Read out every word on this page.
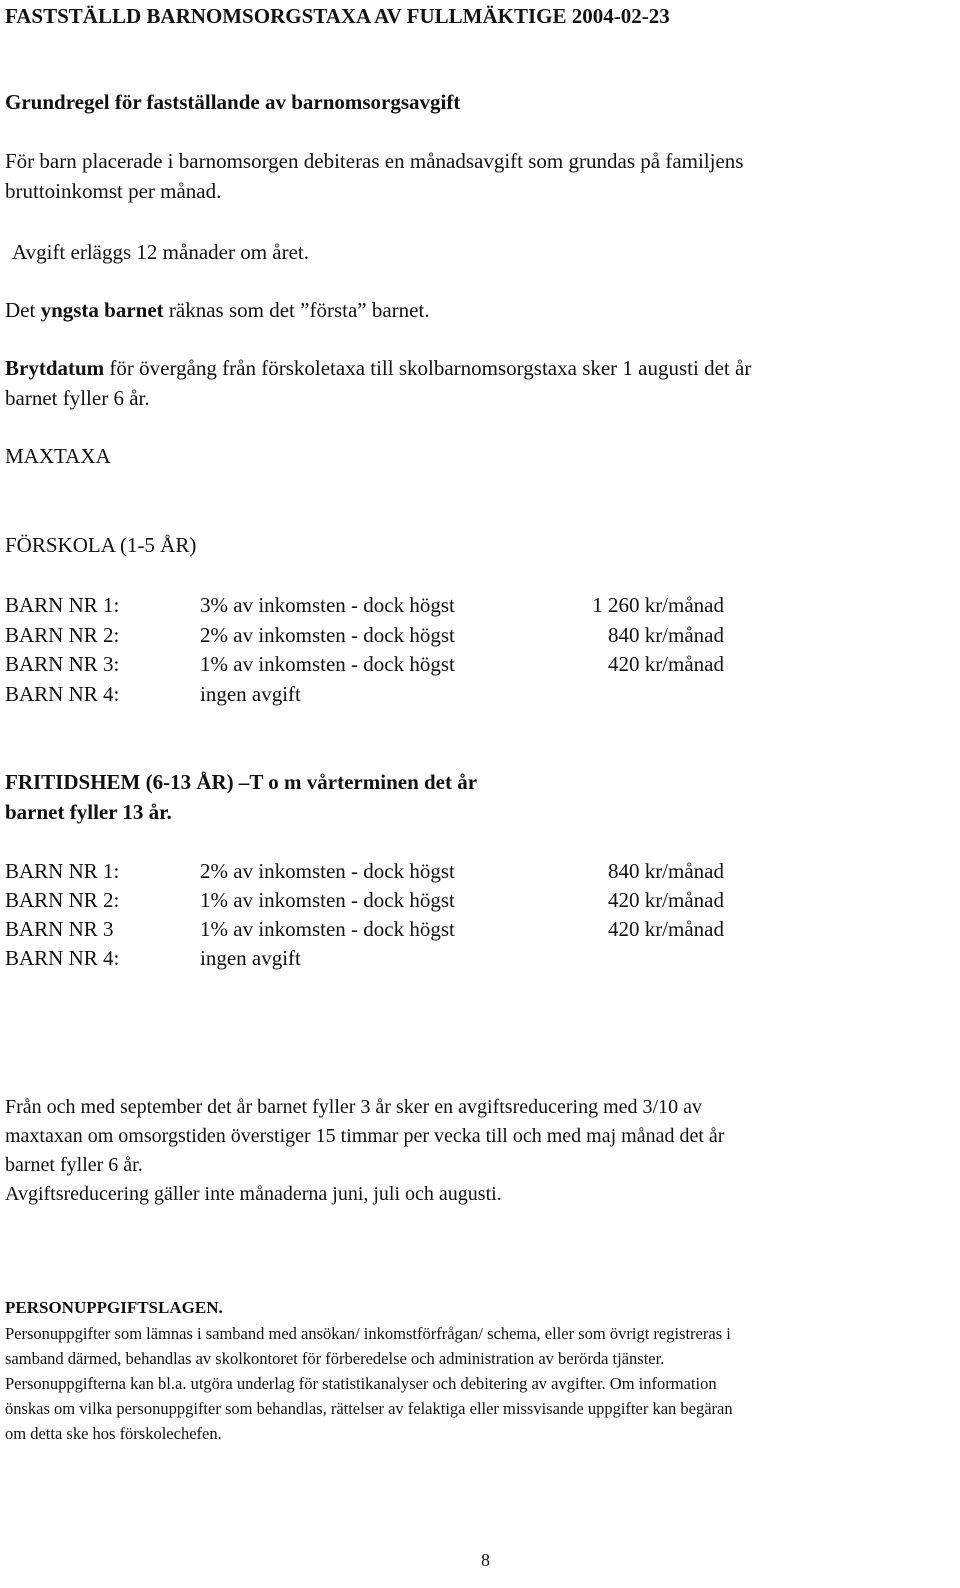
FASTSTÄLLD BARNOMSORGSTAXA AV FULLMÄKTIGE 2004-02-23
Grundregel för fastställande av barnomsorgsavgift
För barn placerade i barnomsorgen debiteras en månadsavgift som grundas på familjens
bruttoinkomst per månad.
Avgift erläggs 12 månader om året.
Det yngsta barnet räknas som det ”första” barnet.
Brytdatum för övergång från förskoletaxa till skolbarnomsorgstaxa sker 1 augusti det år
barnet fyller 6 år.
MAXTAXA
FÖRSKOLA (1-5 ÅR)
BARN NR 1:	3% av inkomsten - dock högst	1 260 kr/månad
BARN NR 2:	2% av inkomsten - dock högst	840 kr/månad
BARN NR 3:	1% av inkomsten - dock högst	420 kr/månad
BARN NR 4:	ingen avgift
FRITIDSHEM (6-13 ÅR) –T o m vårterminen det år
barnet fyller 13 år.
BARN NR 1:	2% av inkomsten - dock högst	840 kr/månad
BARN NR 2:	1% av inkomsten - dock högst	420 kr/månad
BARN NR 3	1% av inkomsten - dock högst	420 kr/månad
BARN NR 4:	ingen avgift
Från och med september det år barnet fyller 3 år sker en avgiftsreducering med 3/10 av
maxtaxan om omsorgstiden överstiger 15 timmar per vecka till och med maj månad det år
barnet fyller 6 år.
Avgiftsreducering gäller inte månaderna juni, juli och augusti.
PERSONUPPGIFTSLAGEN.
Personuppgifter som lämnas i samband med ansökan/ inkomstförfrågan/ schema, eller som övrigt registreras i
samband därmed, behandlas av skolkontoret för förberedelse och administration av berörda tjänster.
Personuppgifterna kan bl.a. utgöra underlag för statistikanalyser och debitering av avgifter. Om information
önskas om vilka personuppgifter som behandlas, rättelser av felaktiga eller missvisande uppgifter kan begäran
om detta ske hos förskolechefen.
8
